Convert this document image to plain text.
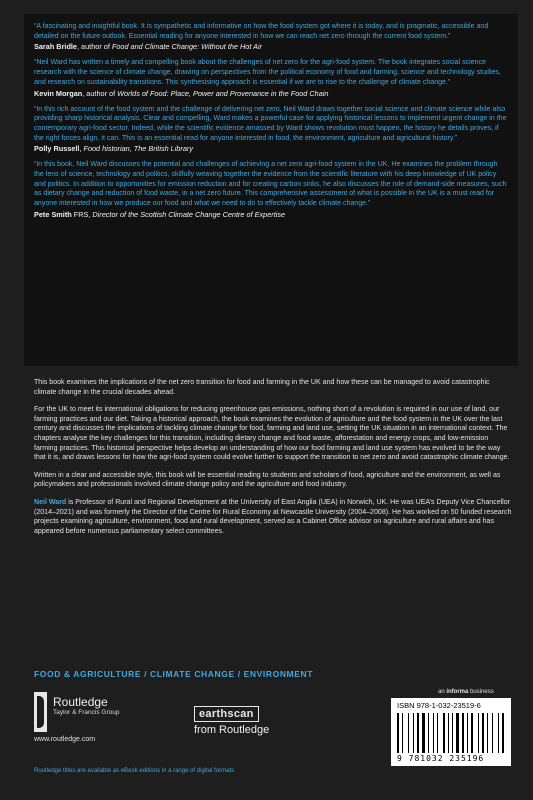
“A fascinating and insightful book. It is sympathetic and informative on how the food system got where it is today, and is pragmatic, accessible and detailed on the future outlook. Essential reading for anyone interested in how we can reach net zero through the current food system.”

Sarah Bridle, author of Food and Climate Change: Without the Hot Air

“Neil Ward has written a timely and compelling book about the challenges of net zero for the agri-food system. The book integrates social science research with the science of climate change, drawing on perspectives from the political economy of food and farming, science and technology studies, and research on sustainability transitions. This synthesising approach is essential if we are to rise to the challenge of climate change.”

Kevin Morgan, author of Worlds of Food: Place, Power and Provenance in the Food Chain

“In this rich account of the food system and the challenge of delivering net zero, Neil Ward draws together social science and climate science while also providing sharp historical analysis. Clear and compelling, Ward makes a powerful case for applying historical lessons to implement urgent change in the contemporary agri-food sector. Indeed, while the scientific evidence amassed by Ward shows revolution must happen, the history he details proves, if the right forces align, it can. This is an essential read for anyone interested in food, the environment, agriculture and agricultural history.”

Polly Russell, Food historian, The British Library

“In this book, Neil Ward discusses the potential and challenges of achieving a net zero agri-food system in the UK. He examines the problem through the lens of science, technology and politics, skilfully weaving together the evidence from the scientific literature with his deep knowledge of UK policy and politics. In addition to opportunities for emission reduction and for creating carbon sinks, he also discusses the role of demand-side measures, such as dietary change and reduction of food waste, in a net zero future. This comprehensive assessment of what is possible in the UK is a must read for anyone interested in how we produce our food and what we need to do to effectively tackle climate change.”

Pete Smith FRS, Director of the Scottish Climate Change Centre of Expertise

This book examines the implications of the net zero transition for food and farming in the UK and how these can be managed to avoid catastrophic climate change in the crucial decades ahead.

For the UK to meet its international obligations for reducing greenhouse gas emissions, nothing short of a revolution is required in our use of land, our farming practices and our diet. Taking a historical approach, the book examines the evolution of agriculture and the food system in the UK over the last century and discusses the implications of tackling climate change for food, farming and land use, setting the UK situation in an international context. The chapters analyse the key challenges for this transition, including dietary change and food waste, afforestation and energy crops, and low-emission farming practices. This historical perspective helps develop an understanding of how our food farming and land use system has evolved to be the way that it is, and draws lessons for how the agri-food system could evolve further to support the transition to net zero and avoid catastrophic climate change.

Written in a clear and accessible style, this book will be essential reading to students and scholars of food, agriculture and the environment, as well as policymakers and professionals involved climate change policy and the agriculture and food industry.

Neil Ward is Professor of Rural and Regional Development at the University of East Anglia (UEA) in Norwich, UK. He was UEA’s Deputy Vice Chancellor (2014–2021) and was formerly the Director of the Centre for Rural Economy at Newcastle University (2004–2008). He has worked on 50 funded research projects examining agriculture, environment, food and rural development, served as a Cabinet Office advisor on agriculture and rural affairs and has appeared before numerous parliamentary select committees.

FOOD & AGRICULTURE / CLIMATE CHANGE / ENVIRONMENT
Routledge
Taylor & Francis Group
www.routledge.com
earthscan
from Routledge
an informa business
ISBN 978-1-032-23519-6
9 781032 235196
Routledge titles are available as eBook editions in a range of digital formats
